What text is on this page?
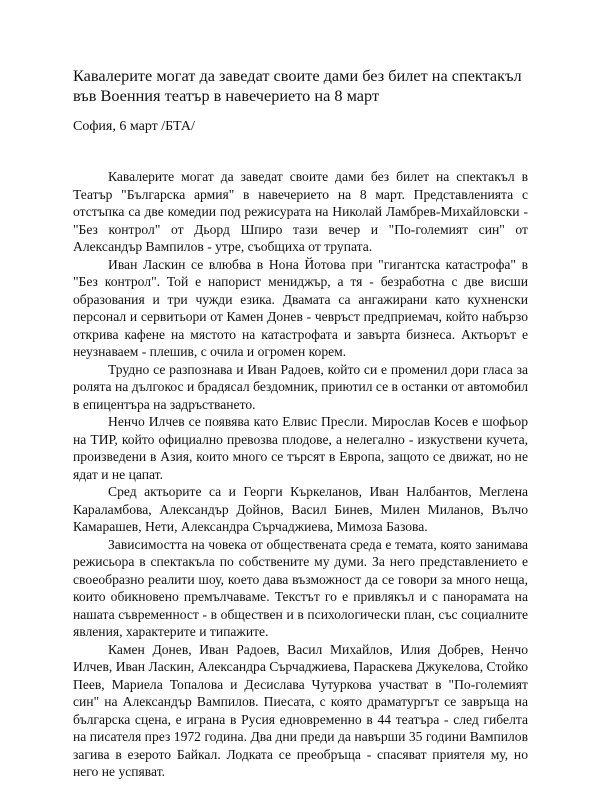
Кавалерите могат да заведат своите дами без билет на спектакъл във Военния театър в навечерието на 8 март

София, 6 март /БТА/

Кавалерите могат да заведат своите дами без билет на спектакъл в Театър "Българска армия" в навечерието на 8 март. Представленията с отстъпка са две комедии под режисурата на Николай Ламбрев-Михайловски - "Без контрол" от Дьорд Шпиро тази вечер и "По-големият син" от Александър Вампилов - утре, съобщиха от трупата.

Иван Ласкин се влюбва в Нона Йотова при "гигантска катастрофа" в "Без контрол". Той е напорист мениджър, а тя - безработна с две висши образования и три чужди езика. Двамата са ангажирани като кухненски персонал и сервитьори от Камен Донев - чевръст предприемач, който набързо открива кафене на мястото на катастрофата и завърта бизнеса. Актьорът е неузнаваем - плешив, с очила и огромен корем.

Трудно се разпознава и Иван Радоев, който си е променил дори гласа за ролята на дългокос и брадясал бездомник, приютил се в останки от автомобил в епицентъра на задръстването.

Ненчо Илчев се появява като Елвис Пресли. Мирослав Косев е шофьор на ТИР, който официално превозва плодове, а нелегално - изкуствени кучета, произведени в Азия, които много се търсят в Европа, защото се движат, но не ядат и не цапат.

Сред актьорите са и Георги Къркеланов, Иван Налбантов, Меглена Караламбова, Александър Дойнов, Васил Бинев, Милен Миланов, Вълчо Камарашев, Нети, Александра Сърчаджиева, Мимоза Базова.

Зависимостта на човека от обществената среда е темата, която занимава режисьора в спектакъла по собствените му думи. За него представлението е своеобразно реалити шоу, което дава възможност да се говори за много неща, които обикновено премълчаваме. Текстът го е привлякъл и с панорамата на нашата съвременност - в обществен и в психологически план, със социалните явления, характерите и типажите.

Камен Донев, Иван Радоев, Васил Михайлов, Илия Добрев, Ненчо Илчев, Иван Ласкин, Александра Сърчаджиева, Параскева Джукелова, Стойко Пеев, Мариела Топалова и Десислава Чутуркова участват в "По-големият син" на Александър Вампилов. Пиесата, с която драматургът се завръща на българска сцена, е играна в Русия едновременно в 44 театъра - след гибелта на писателя през 1972 година. Два дни преди да навърши 35 години Вампилов загива в езерото Байкал. Лодката се преобръща - спасяват приятеля му, но него не успяват.
